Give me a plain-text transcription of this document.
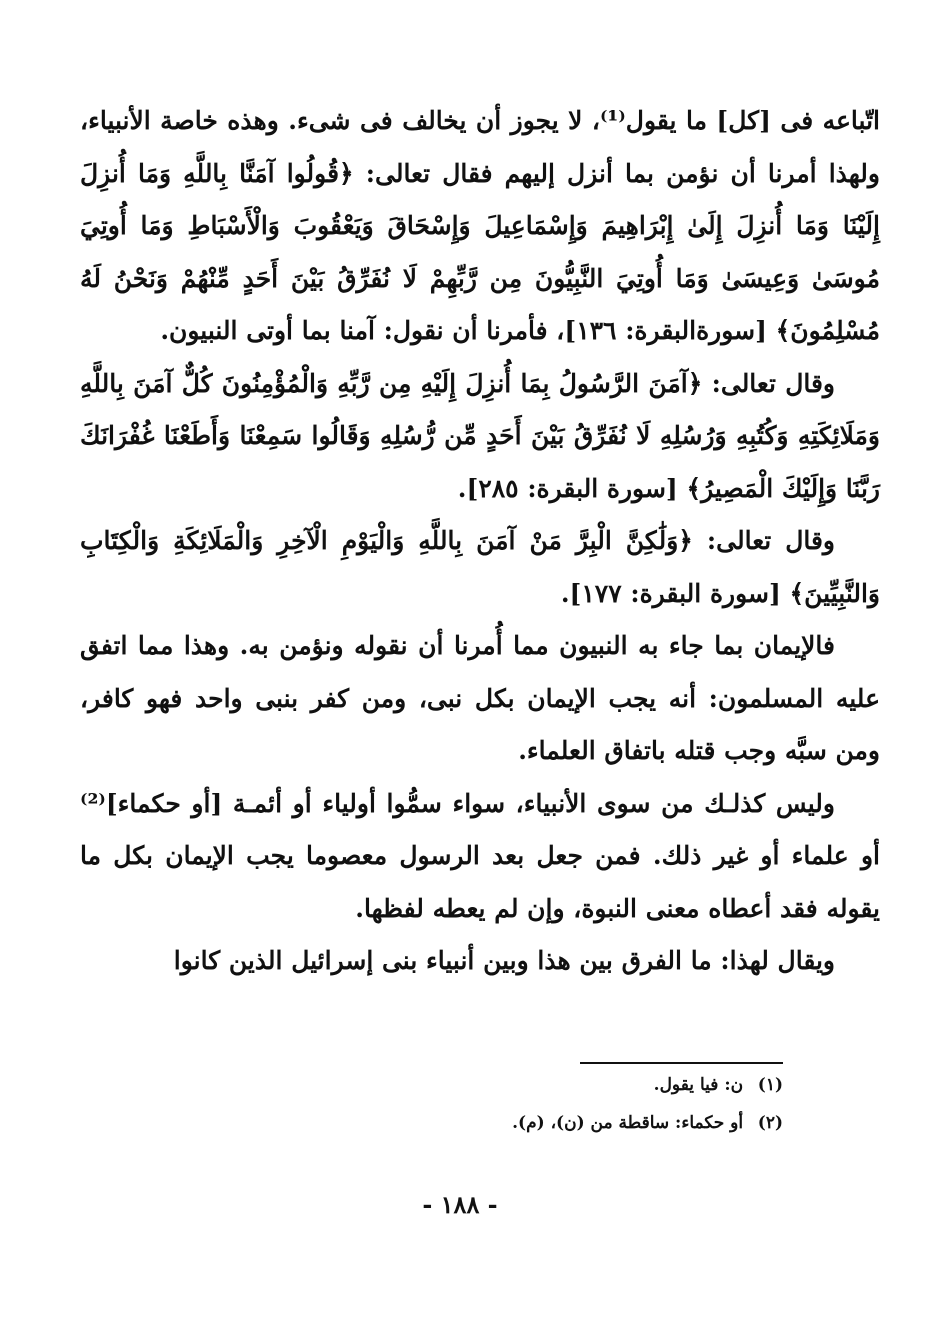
اتّباعه فى [كل] ما يقول⁽¹⁾، لا يجوز أن يخالف فى شىء. وهذه خاصة الأنبياء، ولهذا أمرنا أن نؤمن بما أنزل إليهم فقال تعالى: ﴿قُولُوا آمَنَّا بِاللَّهِ وَمَا أُنزِلَ إِلَيْنَا وَمَا أُنزِلَ إِلَىٰ إِبْرَاهِيمَ وَإِسْمَاعِيلَ وَإِسْحَاقَ وَيَعْقُوبَ وَالْأَسْبَاطِ وَمَا أُوتِيَ مُوسَىٰ وَعِيسَىٰ وَمَا أُوتِيَ النَّبِيُّونَ مِن رَّبِّهِمْ لَا نُفَرِّقُ بَيْنَ أَحَدٍ مِّنْهُمْ وَنَحْنُ لَهُ مُسْلِمُونَ﴾ [سورةالبقرة: ١٣٦]، فأمرنا أن نقول: آمنا بما أوتى النبيون.

وقال تعالى: ﴿آمَنَ الرَّسُولُ بِمَا أُنزِلَ إِلَيْهِ مِن رَّبِّهِ وَالْمُؤْمِنُونَ كُلٌّ آمَنَ بِاللَّهِ وَمَلَائِكَتِهِ وَكُتُبِهِ وَرُسُلِهِ لَا نُفَرِّقُ بَيْنَ أَحَدٍ مِّن رُّسُلِهِ وَقَالُوا سَمِعْنَا وَأَطَعْنَا غُفْرَانَكَ رَبَّنَا وَإِلَيْكَ الْمَصِيرُ﴾ [سورة البقرة: ٢٨٥].

وقال تعالى: ﴿وَلَٰكِنَّ الْبِرَّ مَنْ آمَنَ بِاللَّهِ وَالْيَوْمِ الْآخِرِ وَالْمَلَائِكَةِ وَالْكِتَابِ وَالنَّبِيِّينَ﴾ [سورة البقرة: ١٧٧].

فالإيمان بما جاء به النبيون مما أُمرنا أن نقوله ونؤمن به. وهذا مما اتفق عليه المسلمون: أنه يجب الإيمان بكل نبى، ومن كفر بنبى واحد فهو كافر، ومن سبَّه وجب قتله باتفاق العلماء.

وليس كذلـك من سوى الأنبياء، سواء سمُّوا أولياء أو أئمـة [أو حكماء]⁽²⁾ أو علماء أو غير ذلك. فمن جعل بعد الرسول معصوما يجب الإيمان بكل ما يقوله فقد أعطاه معنى النبوة، وإن لم يعطه لفظها.

ويقال لهذا: ما الفرق بين هذا وبين أنبياء بنى إسرائيل الذين كانوا

(١) ن: فيا يقول.

(٢) أو حكماء: ساقطة من (ن)، (م).

- ١٨٨ -
